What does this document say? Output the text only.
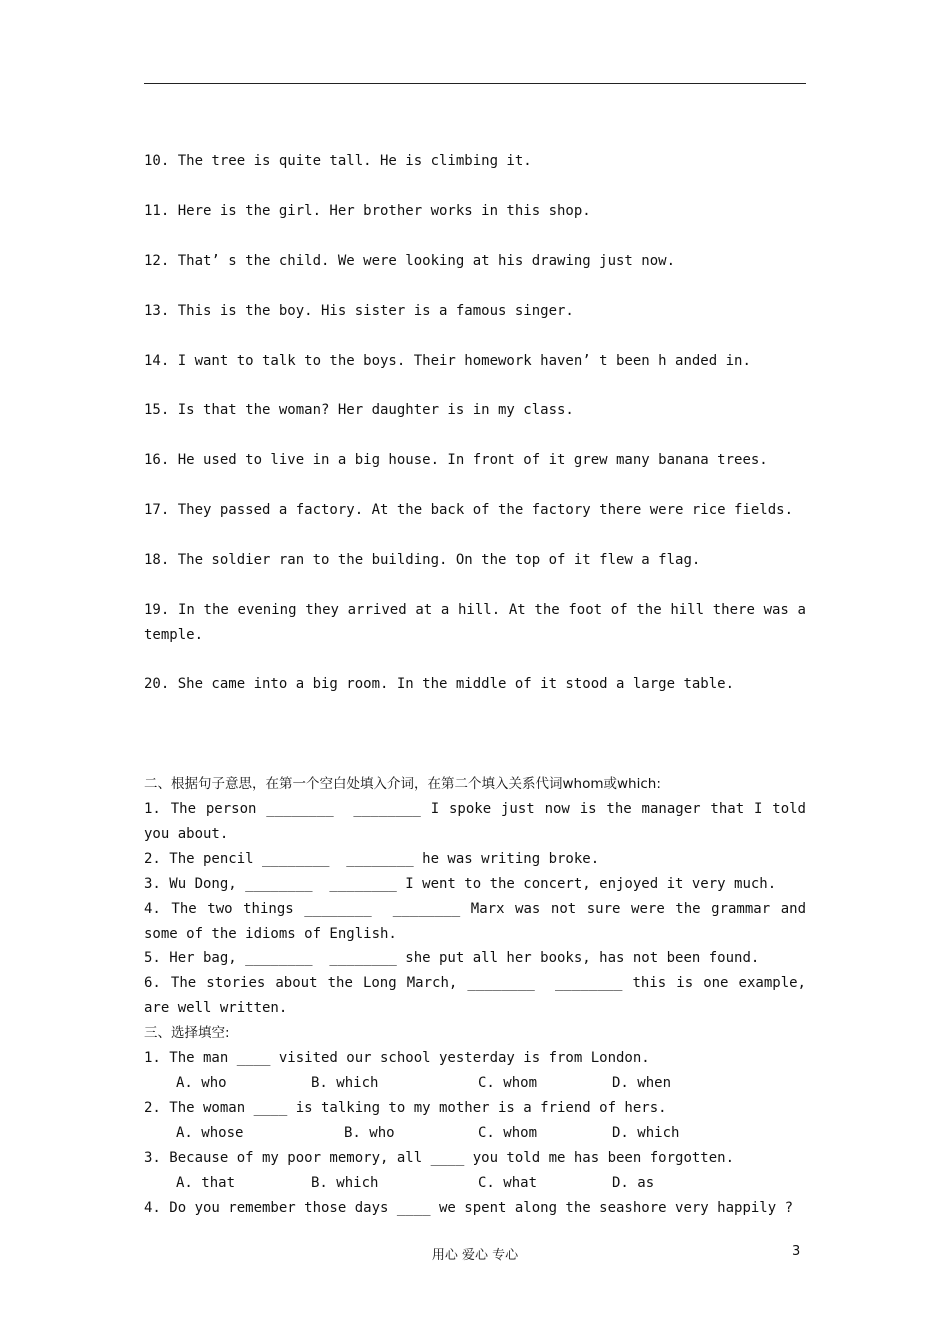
10. The tree is quite tall. He is climbing it.
11. Here is the girl. Her brother works in this shop.
12. That’ s the child. We were looking at his drawing just now.
13. This is the boy. His sister is a famous singer.
14. I want to talk to the boys. Their homework haven’ t been h anded in.
15. Is that the woman? Her daughter is in my class.
16. He used to live in a big house. In front of it grew many banana trees.
17. They passed a factory. At the back of the factory there were rice fields.
18. The soldier ran to the building. On the top of it flew a flag.
19. In the evening they arrived at a hill. At the foot of the hill there was a
temple.
20. She came into a big room. In the middle of it stood a large table.
二、根据句子意思，在第一个空白处填入介词，在第二个填入关系代词whom或which:
1. The person ________  ________ I spoke just now is the manager that I told
you about.
2. The pencil ________  ________ he was writing broke.
3. Wu Dong, ________  ________ I went to the concert, enjoyed it very much.
4. The two things ________  ________ Marx was not sure were the grammar and
some of the idioms of English.
5. Her bag, ________  ________ she put all her books, has not been found.
6. The stories about the Long March, ________  ________ this is one example,
are well written.
三、选择填空:
1. The man ____ visited our school yesterday is from London.
A. who	B. which	C. whom	D. when
2. The woman ____ is talking to my mother is a friend of hers.
A. whose	B. who	C. whom	D. which
3. Because of my poor memory, all ____ you told me has been forgotten.
A. that	B. which	C. what	D. as
4. Do you remember those days ____ we spent along the seashore very happily ?
用心 爱心 专心	3
